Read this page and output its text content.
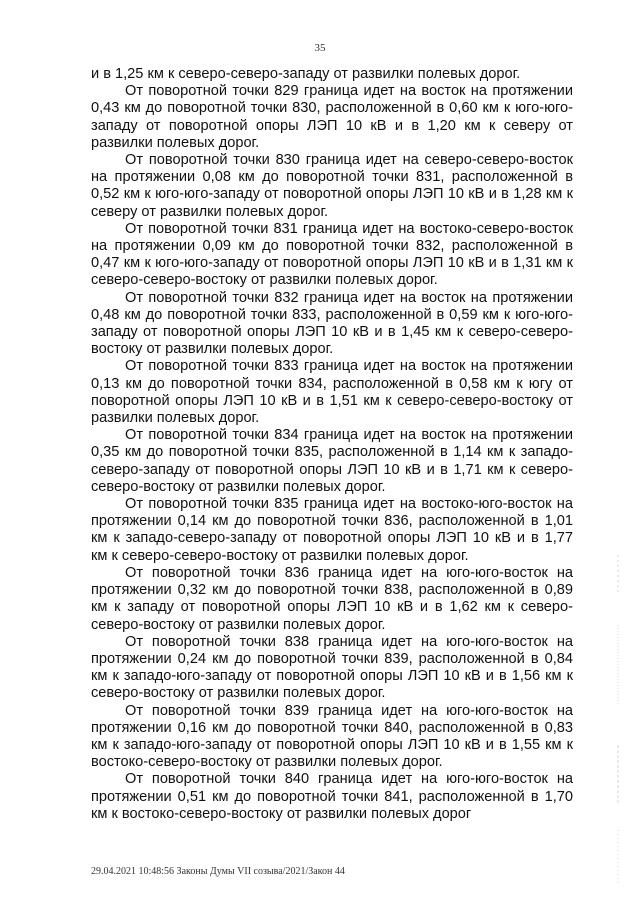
35

и в 1,25 км к северо-северо-западу от развилки полевых дорог.

От поворотной точки 829 граница идет на восток на протяжении 0,43 км до поворотной точки 830, расположенной в 0,60 км к юго-юго-западу от поворотной опоры ЛЭП 10 кВ и в 1,20 км к северу от развилки полевых дорог.

От поворотной точки 830 граница идет на северо-северо-восток на протяжении 0,08 км до поворотной точки 831, расположенной в 0,52 км к юго-югo-западу от поворотной опоры ЛЭП 10 кВ и в 1,28 км к северу от развилки полевых дорог.

От поворотной точки 831 граница идет на востоко-северо-восток на протяжении 0,09 км до поворотной точки 832, расположенной в 0,47 км к юго-юго-западу от поворотной опоры ЛЭП 10 кВ и в 1,31 км к северо-северо-востоку от развилки полевых дорог.

От поворотной точки 832 граница идет на восток на протяжении 0,48 км до поворотной точки 833, расположенной в 0,59 км к юго-юго-западу от поворотной опоры ЛЭП 10 кВ и в 1,45 км к северо-северо-востоку от развилки полевых дорог.

От поворотной точки 833 граница идет на восток на протяжении 0,13 км до поворотной точки 834, расположенной в 0,58 км к югу от поворотной опоры ЛЭП 10 кВ и в 1,51 км к северо-северо-востоку от развилки полевых дорог.

От поворотной точки 834 граница идет на восток на протяжении 0,35 км до поворотной точки 835, расположенной в 1,14 км к западо-северо-западу от поворотной опоры ЛЭП 10 кВ и в 1,71 км к северо-северо-востоку от развилки полевых дорог.

От поворотной точки 835 граница идет на востоко-юго-восток на протяжении 0,14 км до поворотной точки 836, расположенной в 1,01 км к западо-северо-западу от поворотной опоры ЛЭП 10 кВ и в 1,77 км к северо-северо-востоку от развилки полевых дорог.

От поворотной точки 836 граница идет на юго-юго-восток на протяжении 0,32 км до поворотной точки 838, расположенной в 0,89 км к западу от поворотной опоры ЛЭП 10 кВ и в 1,62 км к северо-северо-востоку от развилки полевых дорог.

От поворотной точки 838 граница идет на юго-юго-восток на протяжении 0,24 км до поворотной точки 839, расположенной в 0,84 км к западо-юго-западу от поворотной опоры ЛЭП 10 кВ и в 1,56 км к северо-востоку от развилки полевых дорог.

От поворотной точки 839 граница идет на юго-юго-восток на протяжении 0,16 км до поворотной точки 840, расположенной в 0,83 км к западо-юго-западу от поворотной опоры ЛЭП 10 кВ и в 1,55 км к востоко-северо-востоку от развилки полевых дорог.

От поворотной точки 840 граница идет на юго-юго-восток на протяжении 0,51 км до поворотной точки 841, расположенной в 1,70 км к востоко-северо-востоку от развилки полевых дорог

29.04.2021 10:48:56 Законы Думы VII созыва/2021/Закон 44
